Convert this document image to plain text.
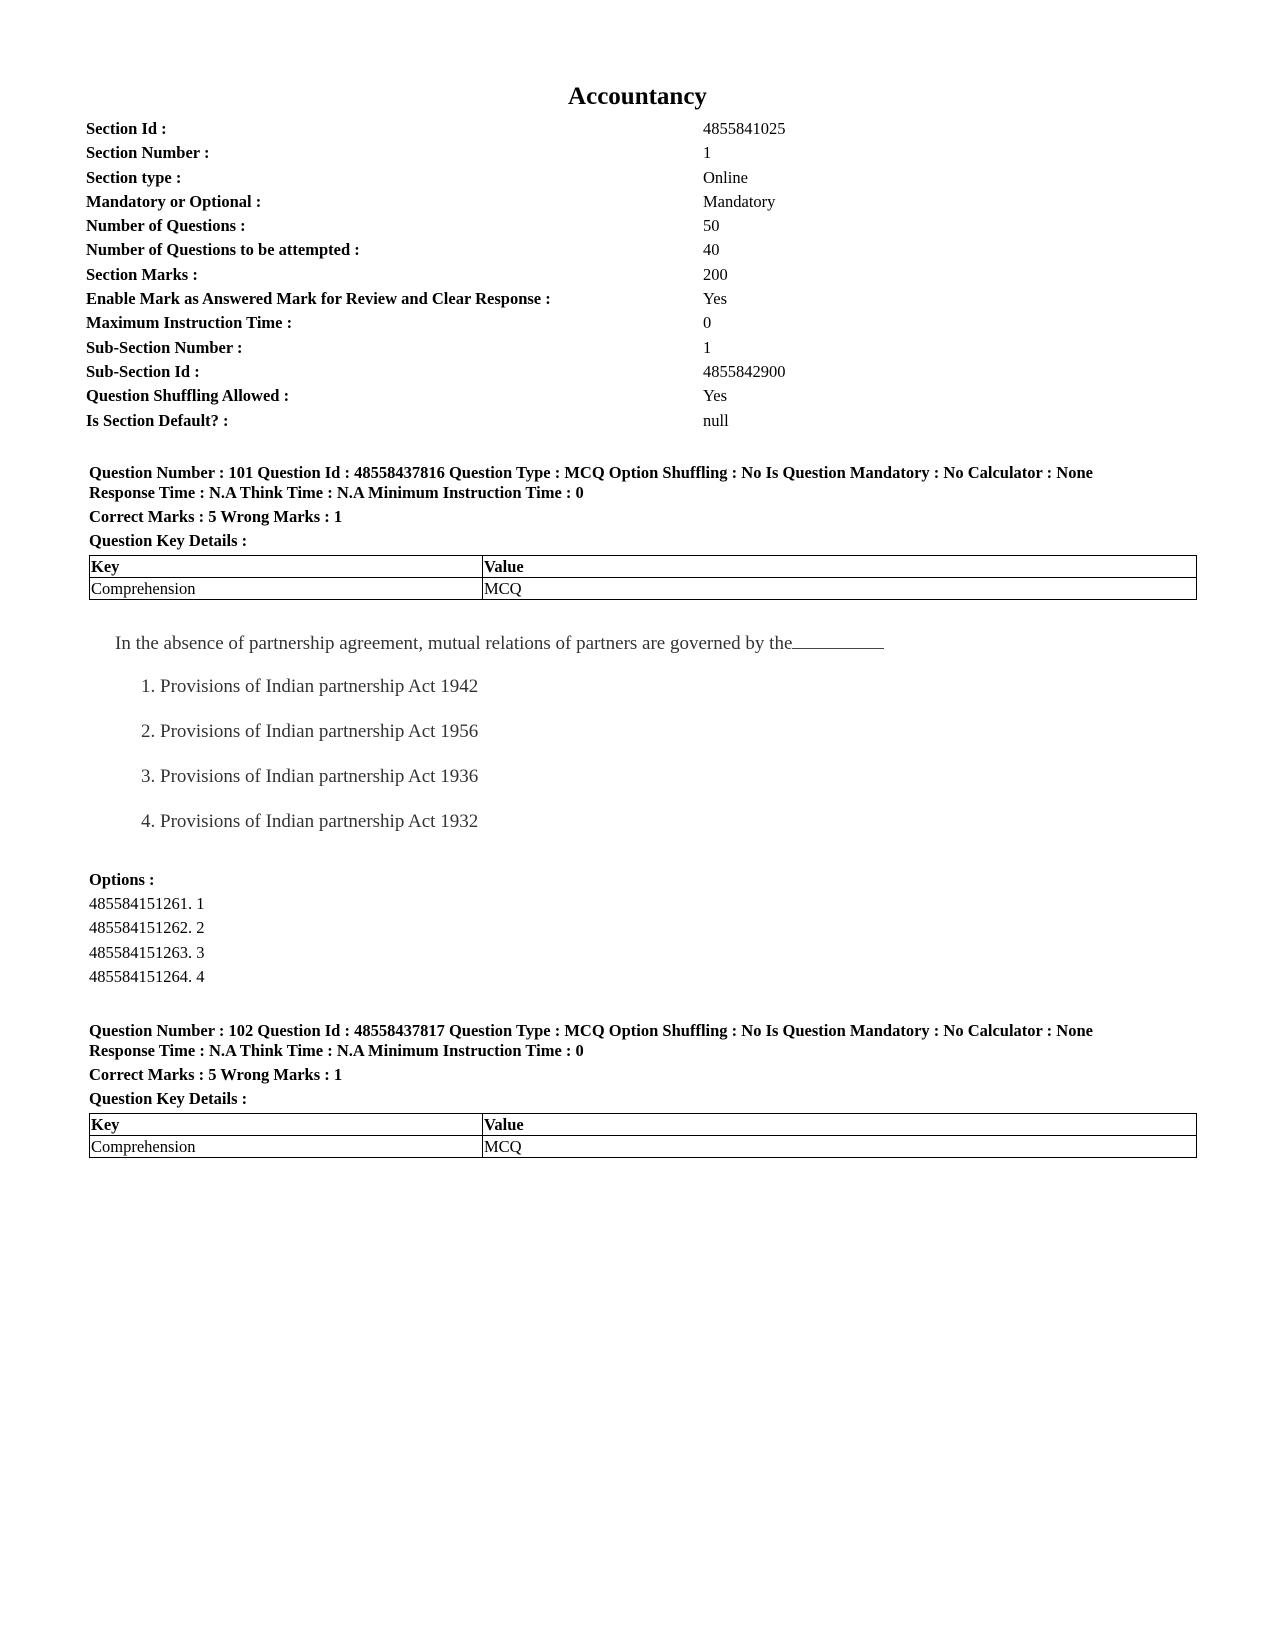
Accountancy
Section Id :	4855841025
Section Number :	1
Section type :	Online
Mandatory or Optional :	Mandatory
Number of Questions :	50
Number of Questions to be attempted :	40
Section Marks :	200
Enable Mark as Answered Mark for Review and Clear Response :	Yes
Maximum Instruction Time :	0
Sub-Section Number :	1
Sub-Section Id :	4855842900
Question Shuffling Allowed :	Yes
Is Section Default? :	null
Question Number : 101 Question Id : 48558437816 Question Type : MCQ Option Shuffling : No Is Question Mandatory : No Calculator : None
Response Time : N.A Think Time : N.A Minimum Instruction Time : 0
Correct Marks : 5 Wrong Marks : 1
Question Key Details :
Key	Value
Comprehension	MCQ
In the absence of partnership agreement, mutual relations of partners are governed by the
1. Provisions of Indian partnership Act 1942
2. Provisions of Indian partnership Act 1956
3. Provisions of Indian partnership Act 1936
4. Provisions of Indian partnership Act 1932
Options :
485584151261. 1
485584151262. 2
485584151263. 3
485584151264. 4
Question Number : 102 Question Id : 48558437817 Question Type : MCQ Option Shuffling : No Is Question Mandatory : No Calculator : None
Response Time : N.A Think Time : N.A Minimum Instruction Time : 0
Correct Marks : 5 Wrong Marks : 1
Question Key Details :
Key	Value
Comprehension	MCQ
